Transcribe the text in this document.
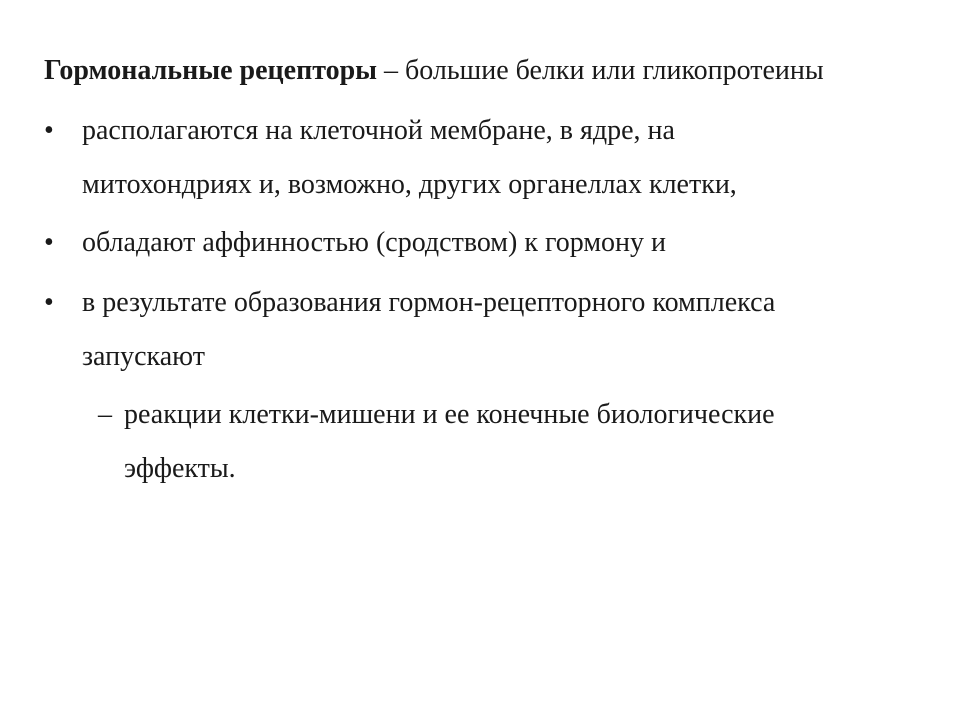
Гормональные рецепторы – большие белки или гликопротеины
• располагаются на клеточной мембране, в ядре, на
митохондриях и, возможно, других органеллах клетки,
• обладают аффинностью (сродством) к гормону и
• в результате образования гормон-рецепторного комплекса
запускают
– реакции клетки-мишени и ее конечные биологические
эффекты.
